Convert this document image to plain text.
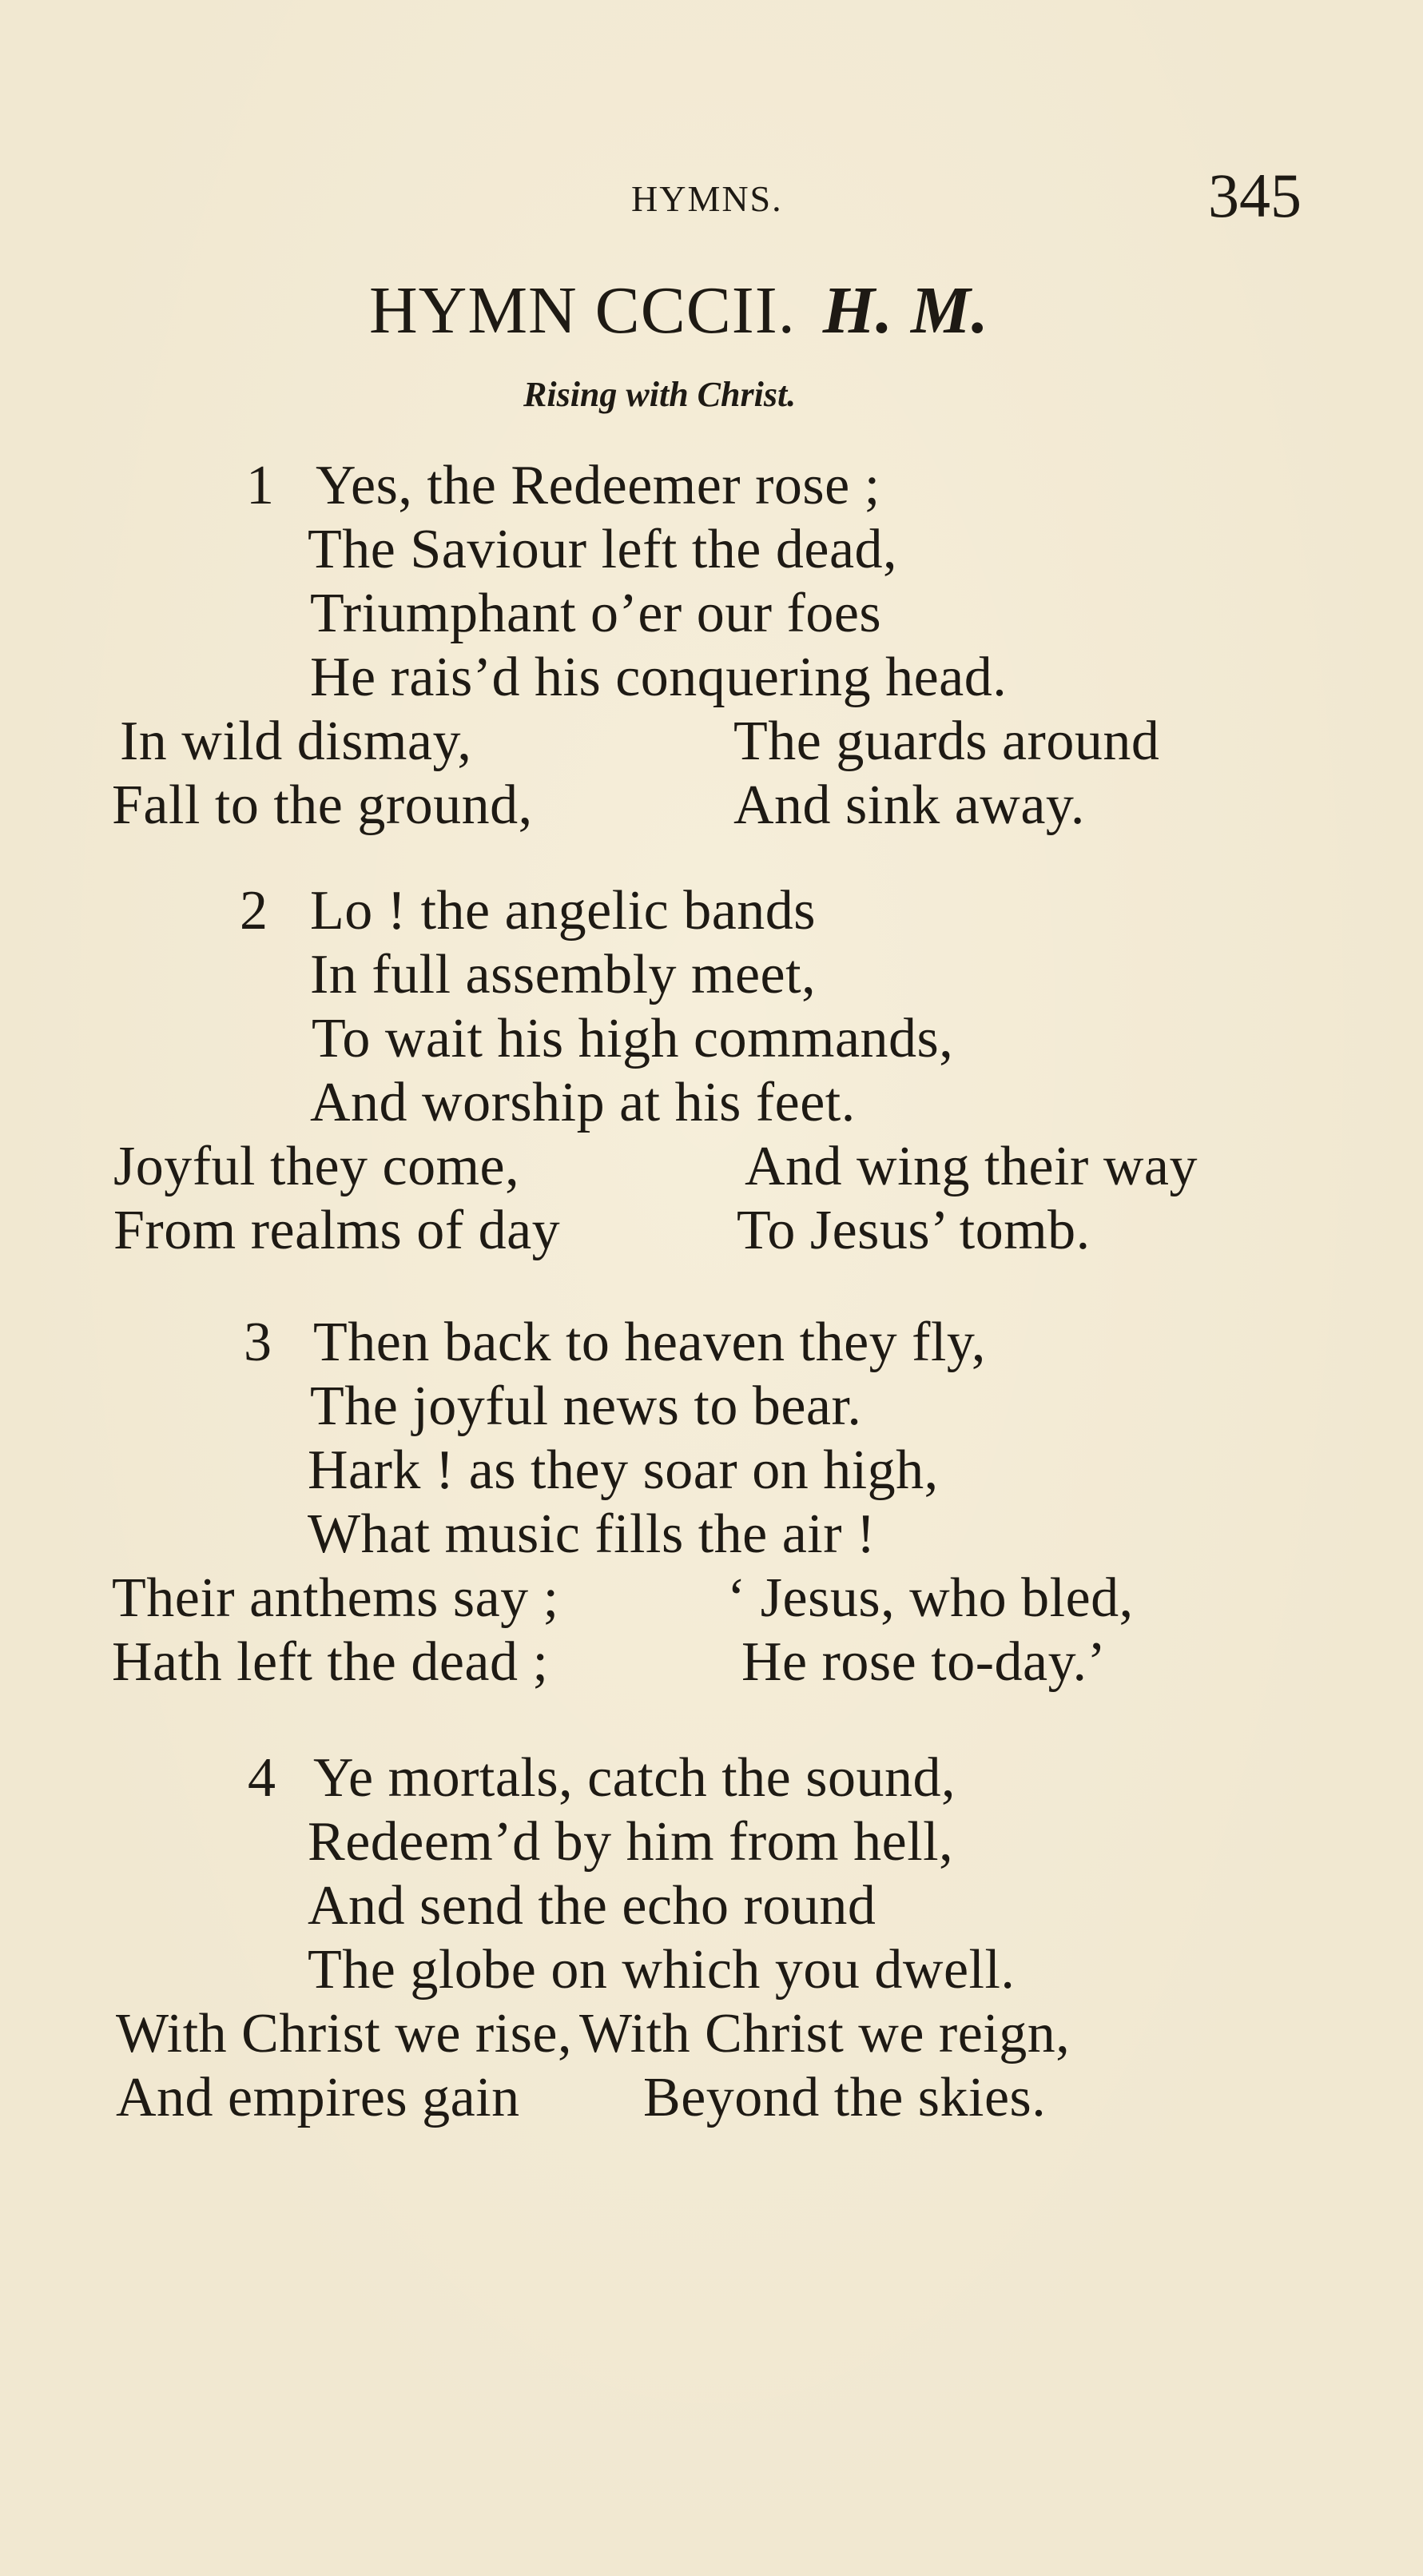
HYMNS.	345
HYMN CCCII. H. M.
Rising with Christ.
1 Yes, the Redeemer rose ;
The Saviour left the dead,
Triumphant o’er our foes
He rais’d his conquering head.
In wild dismay,	The guards around
Fall to the ground,	And sink away.
2 Lo ! the angelic bands
In full assembly meet,
To wait his high commands,
And worship at his feet.
Joyful they come,	And wing their way
From realms of day	To Jesus’ tomb.
3 Then back to heaven they fly,
The joyful news to bear.
Hark ! as they soar on high,
What music fills the air !
Their anthems say ;	‘ Jesus, who bled,
Hath left the dead ;	He rose to-day.’
4 Ye mortals, catch the sound,
Redeem’d by him from hell,
And send the echo round
The globe on which you dwell.
With Christ we rise, With Christ we reign,
And empires gain Beyond the skies.
